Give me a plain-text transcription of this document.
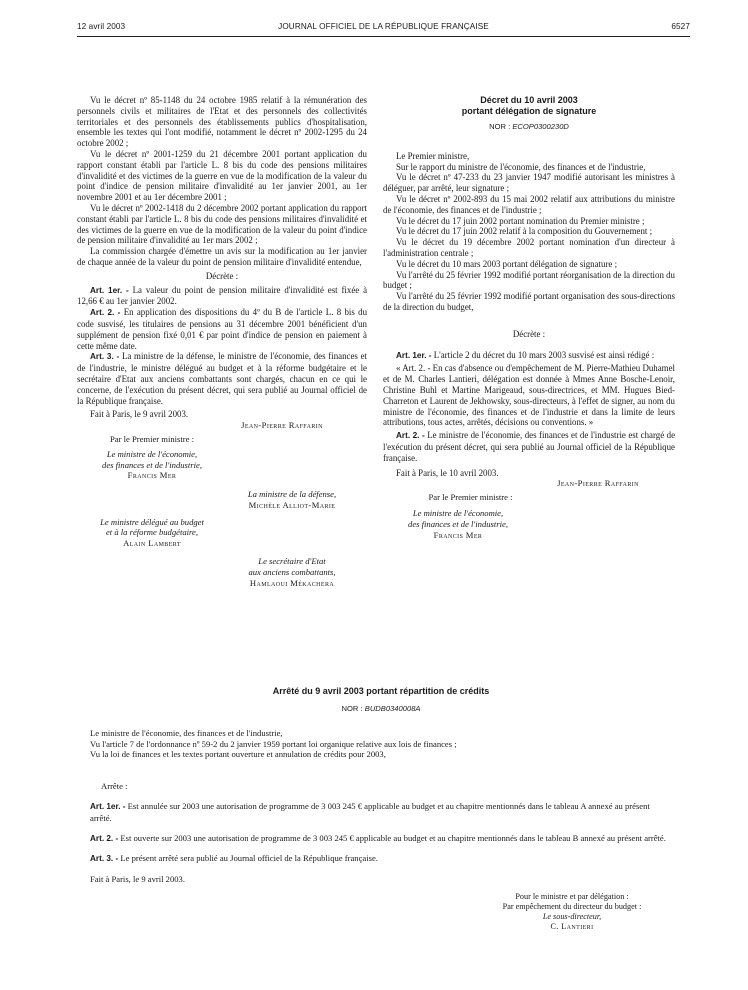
12 avril 2003	JOURNAL OFFICIEL DE LA RÉPUBLIQUE FRANÇAISE	6527

Vu le décret nº 85-1148 du 24 octobre 1985 relatif à la rémunération des personnels civils et militaires de l'Etat et des personnels des collectivités territoriales et des personnels des établissements publics d'hospitalisation, ensemble les textes qui l'ont modifié, notamment le décret nº 2002-1295 du 24 octobre 2002 ;

Vu le décret nº 2001-1259 du 21 décembre 2001 portant application du rapport constant établi par l'article L. 8 bis du code des pensions militaires d'invalidité et des victimes de la guerre en vue de la modification de la valeur du point d'indice de pension militaire d'invalidité au 1er janvier 2001, au 1er novembre 2001 et au 1er décembre 2001 ;

Vu le décret nº 2002-1418 du 2 décembre 2002 portant application du rapport constant établi par l'article L. 8 bis du code des pensions militaires d'invalidité et des victimes de la guerre en vue de la modification de la valeur du point d'indice de pension militaire d'invalidité au 1er mars 2002 ;

La commission chargée d'émettre un avis sur la modification au 1er janvier de chaque année de la valeur du point de pension militaire d'invalidité entendue,

Décrète :

Art. 1er. - La valeur du point de pension militaire d'invalidité est fixée à 12,66 € au 1er janvier 2002.

Art. 2. - En application des dispositions du 4º du B de l'article L. 8 bis du code susvisé, les titulaires de pensions au 31 décembre 2001 bénéficient d'un supplément de pension fixé 0,01 € par point d'indice de pension en paiement à cette même date.

Art. 3. - La ministre de la défense, le ministre de l'économie, des finances et de l'industrie, le ministre délégué au budget et à la réforme budgétaire et le secrétaire d'Etat aux anciens combattants sont chargés, chacun en ce qui le concerne, de l'exécution du présent décret, qui sera publié au Journal officiel de la République française.

Fait à Paris, le 9 avril 2003.

Jean-Pierre Raffarin
Par le Premier ministre :
Le ministre de l'économie,
des finances et de l'industrie,
Francis Mer
La ministre de la défense,
Michèle Alliot-Marie
Le ministre délégué au budget
et à la réforme budgétaire,
Alain Lambert
Le secrétaire d'Etat
aux anciens combattants,
Hamlaoui Mékachera

Décret du 10 avril 2003

portant délégation de signature

NOR : ECOP0300230D

Le Premier ministre,

Sur le rapport du ministre de l'économie, des finances et de l'industrie,

Vu le décret nº 47-233 du 23 janvier 1947 modifié autorisant les ministres à déléguer, par arrêté, leur signature ;

Vu le décret nº 2002-893 du 15 mai 2002 relatif aux attributions du ministre de l'économie, des finances et de l'industrie ;

Vu le décret du 17 juin 2002 portant nomination du Premier ministre ;

Vu le décret du 17 juin 2002 relatif à la composition du Gouvernement ;

Vu le décret du 19 décembre 2002 portant nomination d'un directeur à l'administration centrale ;

Vu le décret du 10 mars 2003 portant délégation de signature ;

Vu l'arrêté du 25 février 1992 modifié portant réorganisation de la direction du budget ;

Vu l'arrêté du 25 février 1992 modifié portant organisation des sous-directions de la direction du budget,

Décrète :

Art. 1er. - L'article 2 du décret du 10 mars 2003 susvisé est ainsi rédigé :

« Art. 2. - En cas d'absence ou d'empêchement de M. Pierre-Mathieu Duhamel et de M. Charles Lantieri, délégation est donnée à Mmes Anne Bosche-Lenoir, Christine Buhl et Martine Marigeaud, sous-directrices, et MM. Hugues Bied-Charreton et Laurent de Jekhowsky, sous-directeurs, à l'effet de signer, au nom du ministre de l'économie, des finances et de l'industrie et dans la limite de leurs attributions, tous actes, arrêtés, décisions ou conventions. »

Art. 2. - Le ministre de l'économie, des finances et de l'industrie est chargé de l'exécution du présent décret, qui sera publié au Journal officiel de la République française.

Fait à Paris, le 10 avril 2003.

Jean-Pierre Raffarin
Par le Premier ministre :
Le ministre de l'économie,
des finances et de l'industrie,
Francis Mer

Arrêté du 9 avril 2003 portant répartition de crédits

NOR : BUDB0340008A

Le ministre de l'économie, des finances et de l'industrie,

Vu l'article 7 de l'ordonnance nº 59-2 du 2 janvier 1959 portant loi organique relative aux lois de finances ;

Vu la loi de finances et les textes portant ouverture et annulation de crédits pour 2003,

Arrête :

Art. 1er. - Est annulée sur 2003 une autorisation de programme de 3 003 245 € applicable au budget et au chapitre mentionnés dans le tableau A annexé au présent arrêté.

Art. 2. - Est ouverte sur 2003 une autorisation de programme de 3 003 245 € applicable au budget et au chapitre mentionnés dans le tableau B annexé au présent arrêté.

Art. 3. - Le présent arrêté sera publié au Journal officiel de la République française.

Fait à Paris, le 9 avril 2003.

Pour le ministre et par délégation :
Par empêchement du directeur du budget :
Le sous-directeur,
C. Lantieri
